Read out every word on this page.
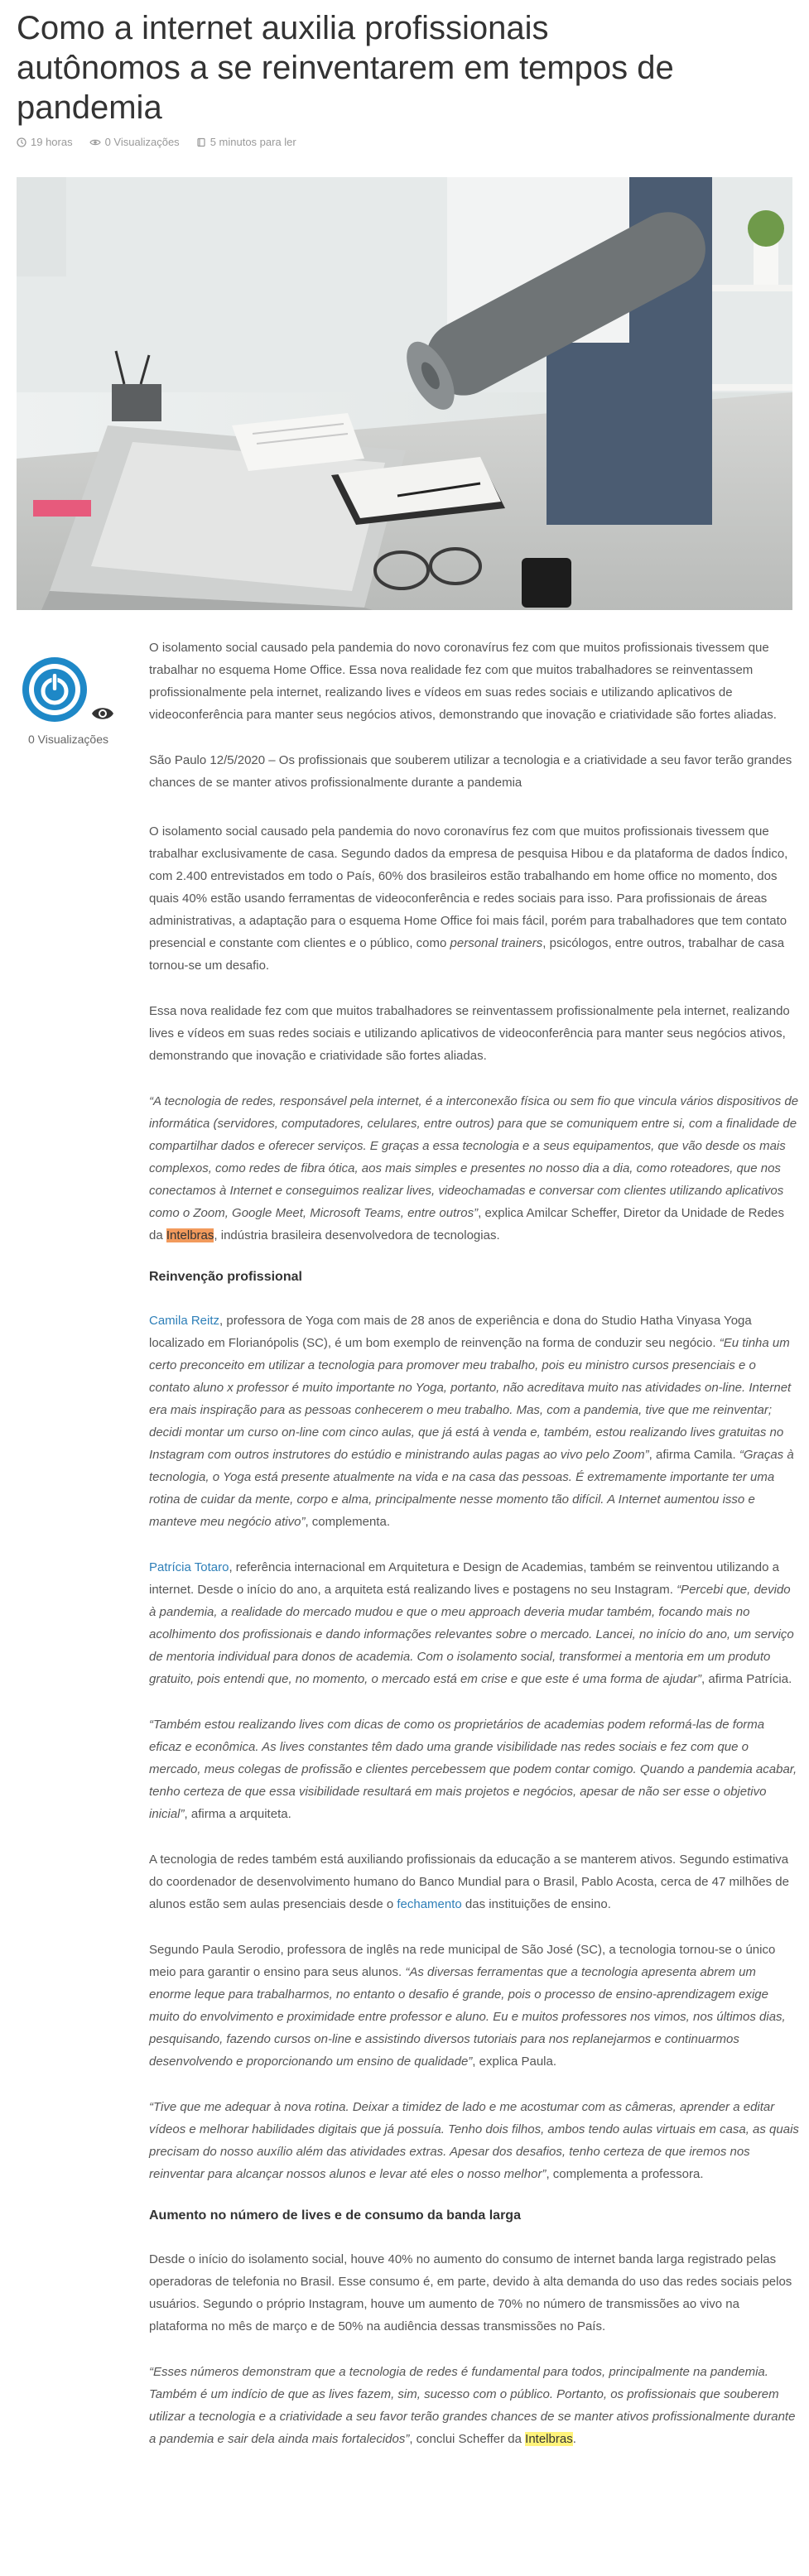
Como a internet auxilia profissionais autônomos a se reinventarem em tempos de pandemia
19 horas	0 Visualizações	5 minutos para ler

0 Visualizações

O isolamento social causado pela pandemia do novo coronavírus fez com que muitos profissionais tivessem que trabalhar no esquema Home Office. Essa nova realidade fez com que muitos trabalhadores se reinventassem profissionalmente pela internet, realizando lives e vídeos em suas redes sociais e utilizando aplicativos de videoconferência para manter seus negócios ativos, demonstrando que inovação e criatividade são fortes aliadas.

São Paulo 12/5/2020 – Os profissionais que souberem utilizar a tecnologia e a criatividade a seu favor terão grandes chances de se manter ativos profissionalmente durante a pandemia

O isolamento social causado pela pandemia do novo coronavírus fez com que muitos profissionais tivessem que trabalhar exclusivamente de casa. Segundo dados da empresa de pesquisa Hibou e da plataforma de dados Índico, com 2.400 entrevistados em todo o País, 60% dos brasileiros estão trabalhando em home office no momento, dos quais 40% estão usando ferramentas de videoconferência e redes sociais para isso. Para profissionais de áreas administrativas, a adaptação para o esquema Home Office foi mais fácil, porém para trabalhadores que tem contato presencial e constante com clientes e o público, como personal trainers, psicólogos, entre outros, trabalhar de casa tornou-se um desafio.

Essa nova realidade fez com que muitos trabalhadores se reinventassem profissionalmente pela internet, realizando lives e vídeos em suas redes sociais e utilizando aplicativos de videoconferência para manter seus negócios ativos, demonstrando que inovação e criatividade são fortes aliadas.

“A tecnologia de redes, responsável pela internet, é a interconexão física ou sem fio que vincula vários dispositivos de informática (servidores, computadores, celulares, entre outros) para que se comuniquem entre si, com a finalidade de compartilhar dados e oferecer serviços. E graças a essa tecnologia e a seus equipamentos, que vão desde os mais complexos, como redes de fibra ótica, aos mais simples e presentes no nosso dia a dia, como roteadores, que nos conectamos à Internet e conseguimos realizar lives, videochamadas e conversar com clientes utilizando aplicativos como o Zoom, Google Meet, Microsoft Teams, entre outros”, explica Amilcar Scheffer, Diretor da Unidade de Redes da Intelbras, indústria brasileira desenvolvedora de tecnologias.

Reinvenção profissional

Camila Reitz, professora de Yoga com mais de 28 anos de experiência e dona do Studio Hatha Vinyasa Yoga localizado em Florianópolis (SC), é um bom exemplo de reinvenção na forma de conduzir seu negócio. “Eu tinha um certo preconceito em utilizar a tecnologia para promover meu trabalho, pois eu ministro cursos presenciais e o contato aluno x professor é muito importante no Yoga, portanto, não acreditava muito nas atividades on-line. Internet era mais inspiração para as pessoas conhecerem o meu trabalho. Mas, com a pandemia, tive que me reinventar; decidi montar um curso on-line com cinco aulas, que já está à venda e, também, estou realizando lives gratuitas no Instagram com outros instrutores do estúdio e ministrando aulas pagas ao vivo pelo Zoom”, afirma Camila. “Graças à tecnologia, o Yoga está presente atualmente na vida e na casa das pessoas. É extremamente importante ter uma rotina de cuidar da mente, corpo e alma, principalmente nesse momento tão difícil. A Internet aumentou isso e manteve meu negócio ativo”, complementa.

Patrícia Totaro, referência internacional em Arquitetura e Design de Academias, também se reinventou utilizando a internet. Desde o início do ano, a arquiteta está realizando lives e postagens no seu Instagram. “Percebi que, devido à pandemia, a realidade do mercado mudou e que o meu approach deveria mudar também, focando mais no acolhimento dos profissionais e dando informações relevantes sobre o mercado. Lancei, no início do ano, um serviço de mentoria individual para donos de academia. Com o isolamento social, transformei a mentoria em um produto gratuito, pois entendi que, no momento, o mercado está em crise e que este é uma forma de ajudar”, afirma Patrícia.

“Também estou realizando lives com dicas de como os proprietários de academias podem reformá-las de forma eficaz e econômica. As lives constantes têm dado uma grande visibilidade nas redes sociais e fez com que o mercado, meus colegas de profissão e clientes percebessem que podem contar comigo. Quando a pandemia acabar, tenho certeza de que essa visibilidade resultará em mais projetos e negócios, apesar de não ser esse o objetivo inicial”, afirma a arquiteta.

A tecnologia de redes também está auxiliando profissionais da educação a se manterem ativos. Segundo estimativa do coordenador de desenvolvimento humano do Banco Mundial para o Brasil, Pablo Acosta, cerca de 47 milhões de alunos estão sem aulas presenciais desde o fechamento das instituições de ensino.

Segundo Paula Serodio, professora de inglês na rede municipal de São José (SC), a tecnologia tornou-se o único meio para garantir o ensino para seus alunos. “As diversas ferramentas que a tecnologia apresenta abrem um enorme leque para trabalharmos, no entanto o desafio é grande, pois o processo de ensino-aprendizagem exige muito do envolvimento e proximidade entre professor e aluno. Eu e muitos professores nos vimos, nos últimos dias, pesquisando, fazendo cursos on-line e assistindo diversos tutoriais para nos replanejarmos e continuarmos desenvolvendo e proporcionando um ensino de qualidade”, explica Paula.

“Tive que me adequar à nova rotina. Deixar a timidez de lado e me acostumar com as câmeras, aprender a editar vídeos e melhorar habilidades digitais que já possuía. Tenho dois filhos, ambos tendo aulas virtuais em casa, as quais precisam do nosso auxílio além das atividades extras. Apesar dos desafios, tenho certeza de que iremos nos reinventar para alcançar nossos alunos e levar até eles o nosso melhor”, complementa a professora.

Aumento no número de lives e de consumo da banda larga

Desde o início do isolamento social, houve 40% no aumento do consumo de internet banda larga registrado pelas operadoras de telefonia no Brasil. Esse consumo é, em parte, devido à alta demanda do uso das redes sociais pelos usuários. Segundo o próprio Instagram, houve um aumento de 70% no número de transmissões ao vivo na plataforma no mês de março e de 50% na audiência dessas transmissões no País.

“Esses números demonstram que a tecnologia de redes é fundamental para todos, principalmente na pandemia. Também é um indício de que as lives fazem, sim, sucesso com o público. Portanto, os profissionais que souberem utilizar a tecnologia e a criatividade a seu favor terão grandes chances de se manter ativos profissionalmente durante a pandemia e sair dela ainda mais fortalecidos”, conclui Scheffer da Intelbras.
